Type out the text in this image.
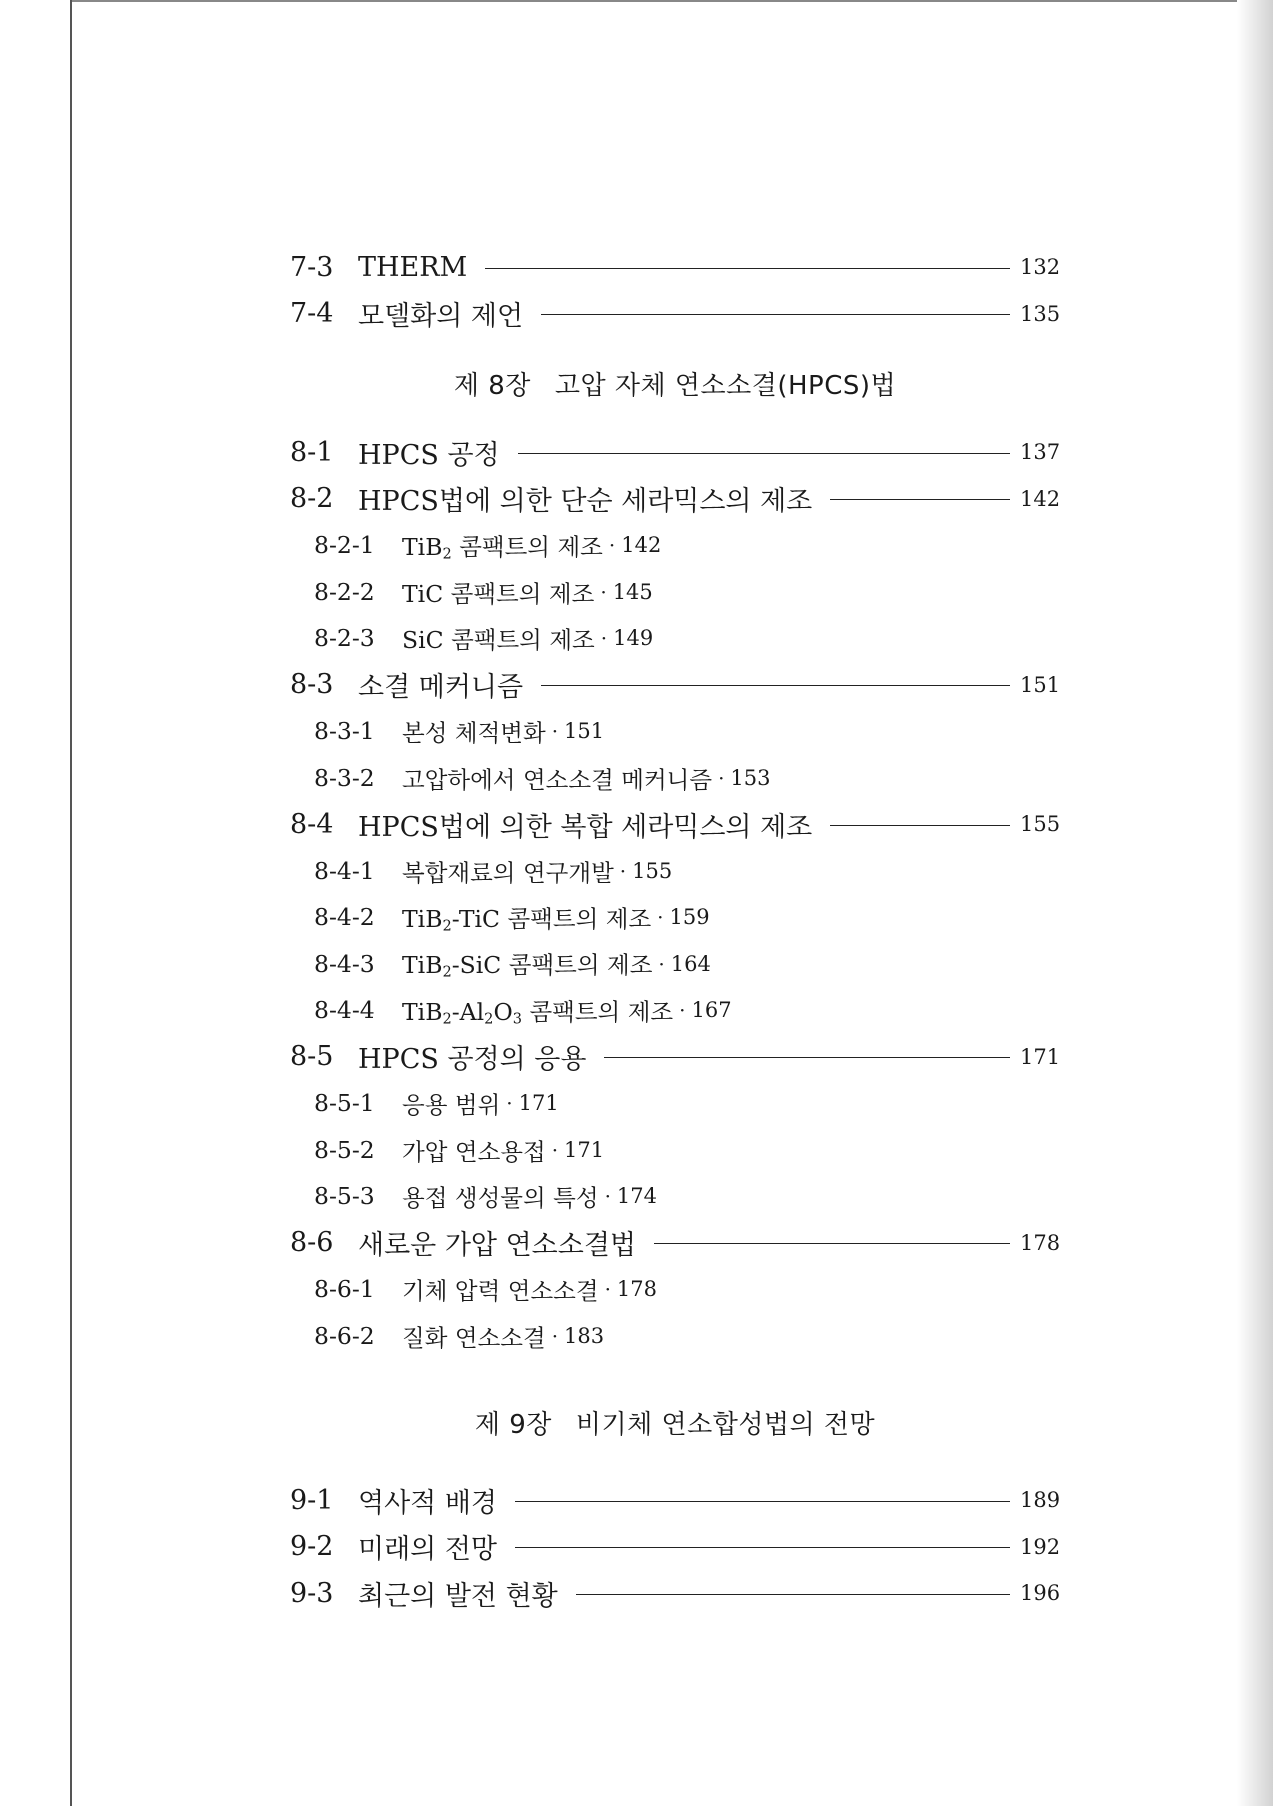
7-3 THERM	132
7-4 모델화의 제언	135
제 8장 고압 자체 연소소결(HPCS)법
8-1 HPCS 공정	137
8-2 HPCS법에 의한 단순 세라믹스의 제조	142
8-2-1	TiB2 콤팩트의 제조 · 142
8-2-2	TiC 콤팩트의 제조 · 145
8-2-3	SiC 콤팩트의 제조 · 149
8-3 소결 메커니즘	151
8-3-1	본성 체적변화 · 151
8-3-2	고압하에서 연소소결 메커니즘 · 153
8-4 HPCS법에 의한 복합 세라믹스의 제조	155
8-4-1	복합재료의 연구개발 · 155
8-4-2	TiB2-TiC 콤팩트의 제조 · 159
8-4-3	TiB2-SiC 콤팩트의 제조 · 164
8-4-4	TiB2-Al2O3 콤팩트의 제조 · 167
8-5 HPCS 공정의 응용	171
8-5-1	응용 범위 · 171
8-5-2	가압 연소용접 · 171
8-5-3	용접 생성물의 특성 · 174
8-6 새로운 가압 연소소결법	178
8-6-1	기체 압력 연소소결 · 178
8-6-2	질화 연소소결 · 183
제 9장 비기체 연소합성법의 전망
9-1 역사적 배경	189
9-2 미래의 전망	192
9-3 최근의 발전 현황	196
